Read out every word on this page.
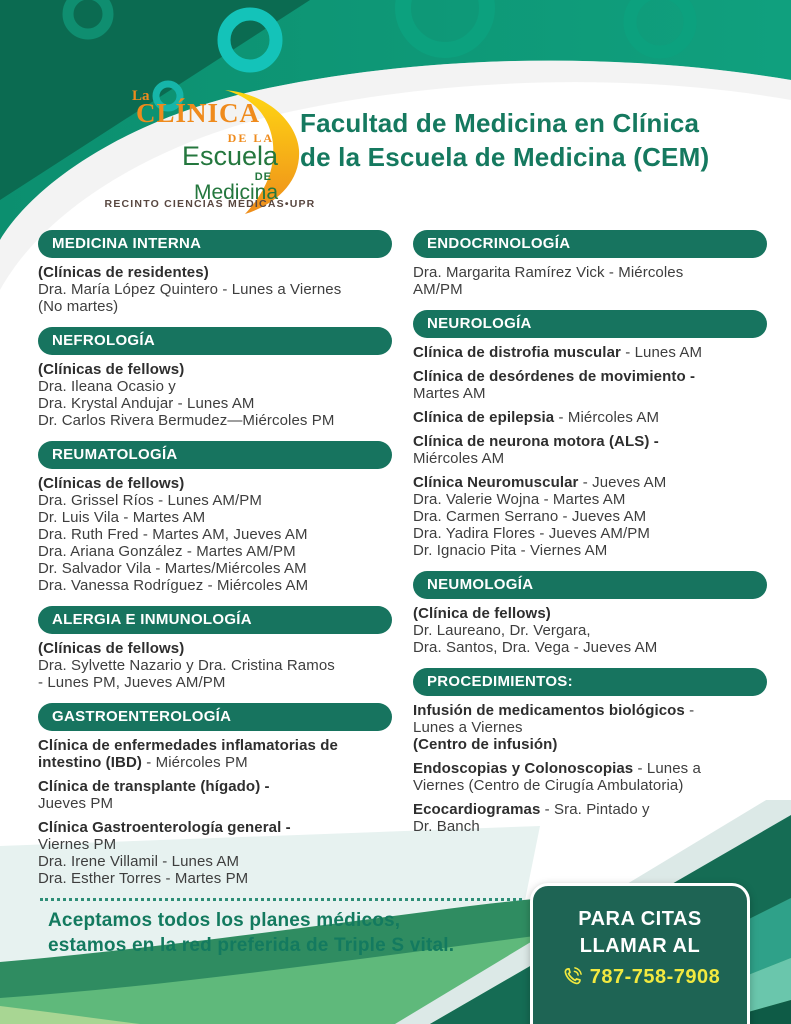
La
CLÍNICA
DE LA
Escuela
DE
Medicina
RECINTO CIENCIAS MÉDICAS•UPR
Facultad de Medicina en Clínica
de la Escuela de Medicina (CEM)
MEDICINA INTERNA
(Clínicas de residentes)
Dra. María López Quintero - Lunes a Viernes
(No martes)
NEFROLOGÍA
(Clínicas de fellows)
Dra. Ileana Ocasio y
Dra. Krystal Andujar - Lunes AM
Dr. Carlos Rivera Bermudez—Miércoles PM
REUMATOLOGÍA
(Clínicas de fellows)
Dra. Grissel Ríos - Lunes AM/PM
Dr. Luis Vila - Martes AM
Dra. Ruth Fred - Martes AM, Jueves AM
Dra. Ariana González - Martes AM/PM
Dr. Salvador Vila - Martes/Miércoles AM
Dra. Vanessa Rodríguez - Miércoles AM
ALERGIA E INMUNOLOGÍA
(Clínicas de fellows)
Dra. Sylvette Nazario y Dra. Cristina Ramos
- Lunes PM, Jueves AM/PM
GASTROENTEROLOGÍA
Clínica de enfermedades inflamatorias de
intestino (IBD) - Miércoles PM
Clínica de transplante (hígado) -
Jueves PM
Clínica Gastroenterología general -
Viernes PM
Dra. Irene Villamil - Lunes AM
Dra. Esther Torres - Martes PM
ENDOCRINOLOGÍA
Dra. Margarita Ramírez Vick - Miércoles
AM/PM
NEUROLOGÍA
Clínica de distrofia muscular - Lunes AM
Clínica de desórdenes de movimiento -
Martes AM
Clínica de epilepsia - Miércoles AM
Clínica de neurona motora (ALS) -
Miércoles AM
Clínica Neuromuscular - Jueves AM
Dra. Valerie Wojna - Martes AM
Dra. Carmen Serrano - Jueves AM
Dra. Yadira Flores - Jueves AM/PM
Dr. Ignacio Pita - Viernes AM
NEUMOLOGÍA
(Clínica de fellows)
Dr. Laureano, Dr. Vergara,
Dra. Santos, Dra. Vega - Jueves AM
PROCEDIMIENTOS:
Infusión de medicamentos biológicos -
Lunes a Viernes
(Centro de infusión)
Endoscopias y Colonoscopias - Lunes a
Viernes (Centro de Cirugía Ambulatoria)
Ecocardiogramas - Sra. Pintado y
Dr. Banch
Aceptamos todos los planes médicos,
estamos en la red preferida de Triple S vital.
PARA CITAS
LLAMAR AL
787-758-7908
